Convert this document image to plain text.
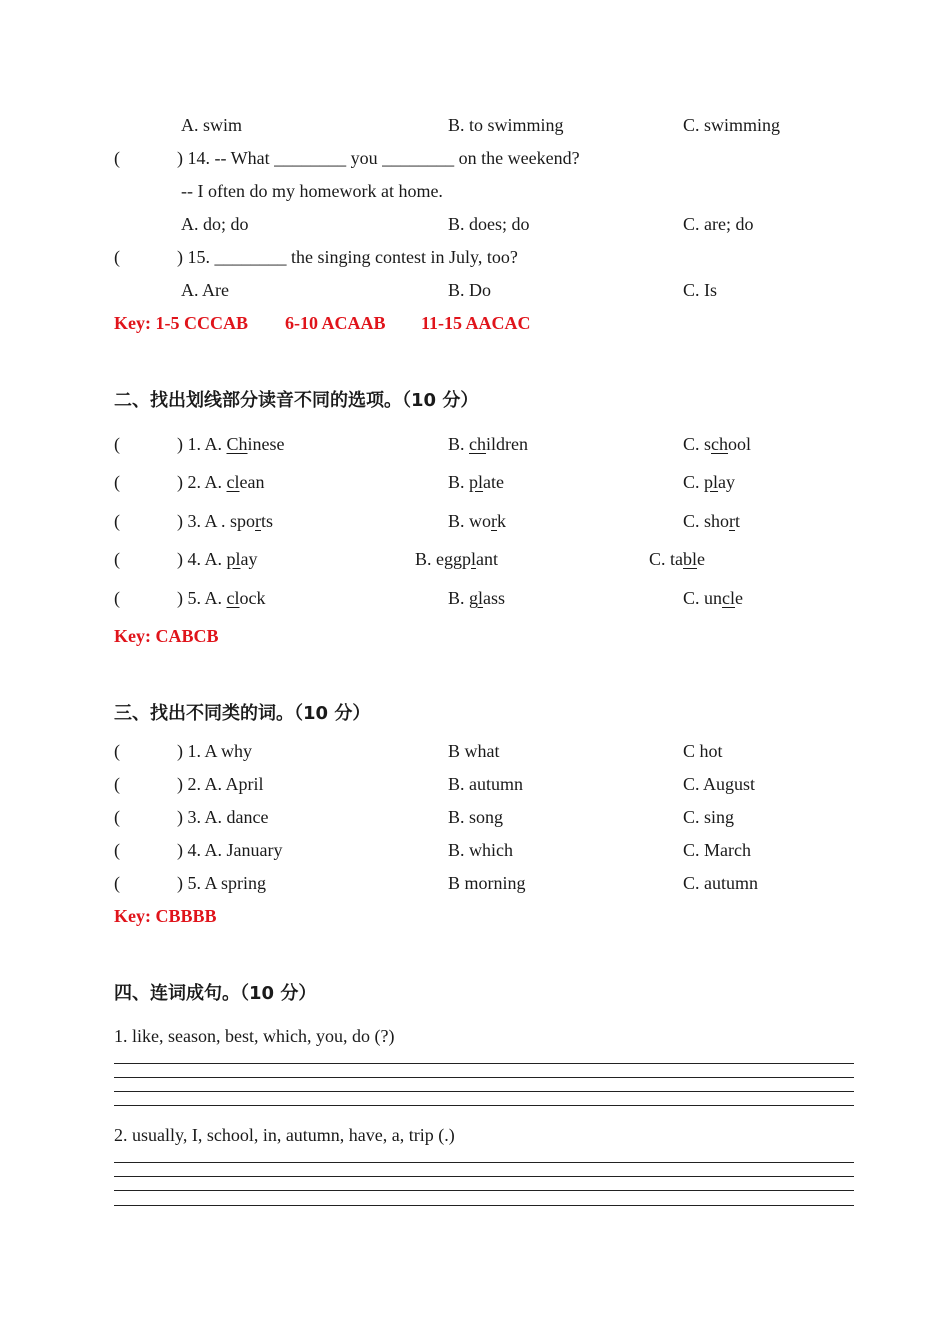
A. swim	B. to swimming	C. swimming
(	) 14. -- What ________ you ________ on the weekend?
-- I often do my homework at home.
A. do; do	B. does; do	C. are; do
(	) 15. ________ the singing contest in July, too?
A. Are	B. Do	C. Is
Key: 1-5 CCCAB 6-10 ACAAB 11-15 AACAC
二、找出划线部分读音不同的选项。（10 分）
(	) 1. A. Chinese	B. children	C. school
(	) 2. A. clean	B. plate	C. play
(	) 3. A . sports	B. work	C. short
(	) 4. A. play	B. eggplant	C. table
(	) 5. A. clock	B. glass	C. uncle
Key: CABCB
三、找出不同类的词。（10 分）
(	) 1. A why	B what	C hot
(	) 2. A. April	B. autumn	C. August
(	) 3. A. dance	B. song	C. sing
(	) 4. A. January	B. which	C. March
(	) 5. A spring	B morning	C. autumn
Key: CBBBB
四、连词成句。（10 分）
1. like, season, best, which, you, do (?)
2. usually, I, school, in, autumn, have, a, trip (.)
